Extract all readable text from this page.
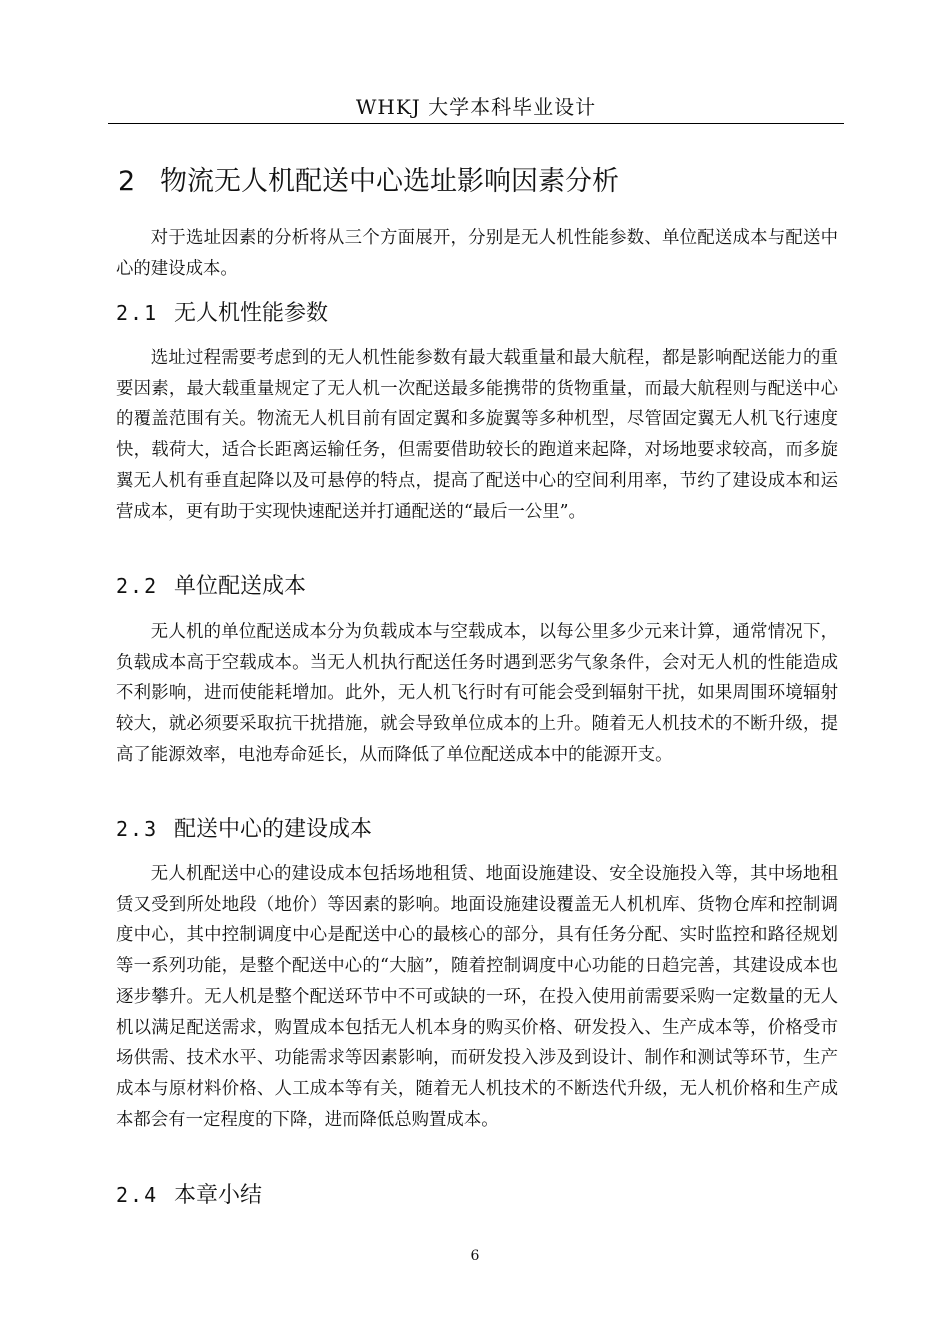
WHKJ 大学本科毕业设计
2 物流无人机配送中心选址影响因素分析

对于选址因素的分析将从三个方面展开，分别是无人机性能参数、单位配送成本与配送中心的建设成本。

2.1 无人机性能参数

选址过程需要考虑到的无人机性能参数有最大载重量和最大航程，都是影响配送能力的重要因素，最大载重量规定了无人机一次配送最多能携带的货物重量，而最大航程则与配送中心的覆盖范围有关。物流无人机目前有固定翼和多旋翼等多种机型，尽管固定翼无人机飞行速度快，载荷大，适合长距离运输任务，但需要借助较长的跑道来起降，对场地要求较高，而多旋翼无人机有垂直起降以及可悬停的特点，提高了配送中心的空间利用率，节约了建设成本和运营成本，更有助于实现快速配送并打通配送的“最后一公里”。

2.2 单位配送成本

无人机的单位配送成本分为负载成本与空载成本，以每公里多少元来计算，通常情况下，负载成本高于空载成本。当无人机执行配送任务时遇到恶劣气象条件，会对无人机的性能造成不利影响，进而使能耗增加。此外，无人机飞行时有可能会受到辐射干扰，如果周围环境辐射较大，就必须要采取抗干扰措施，就会导致单位成本的上升。随着无人机技术的不断升级，提高了能源效率，电池寿命延长，从而降低了单位配送成本中的能源开支。

2.3 配送中心的建设成本

无人机配送中心的建设成本包括场地租赁、地面设施建设、安全设施投入等，其中场地租赁又受到所处地段（地价）等因素的影响。地面设施建设覆盖无人机机库、货物仓库和控制调度中心，其中控制调度中心是配送中心的最核心的部分，具有任务分配、实时监控和路径规划等一系列功能，是整个配送中心的“大脑”，随着控制调度中心功能的日趋完善，其建设成本也逐步攀升。无人机是整个配送环节中不可或缺的一环，在投入使用前需要采购一定数量的无人机以满足配送需求，购置成本包括无人机本身的购买价格、研发投入、生产成本等，价格受市场供需、技术水平、功能需求等因素影响，而研发投入涉及到设计、制作和测试等环节，生产成本与原材料价格、人工成本等有关，随着无人机技术的不断迭代升级，无人机价格和生产成本都会有一定程度的下降，进而降低总购置成本。

2.4 本章小结
6
